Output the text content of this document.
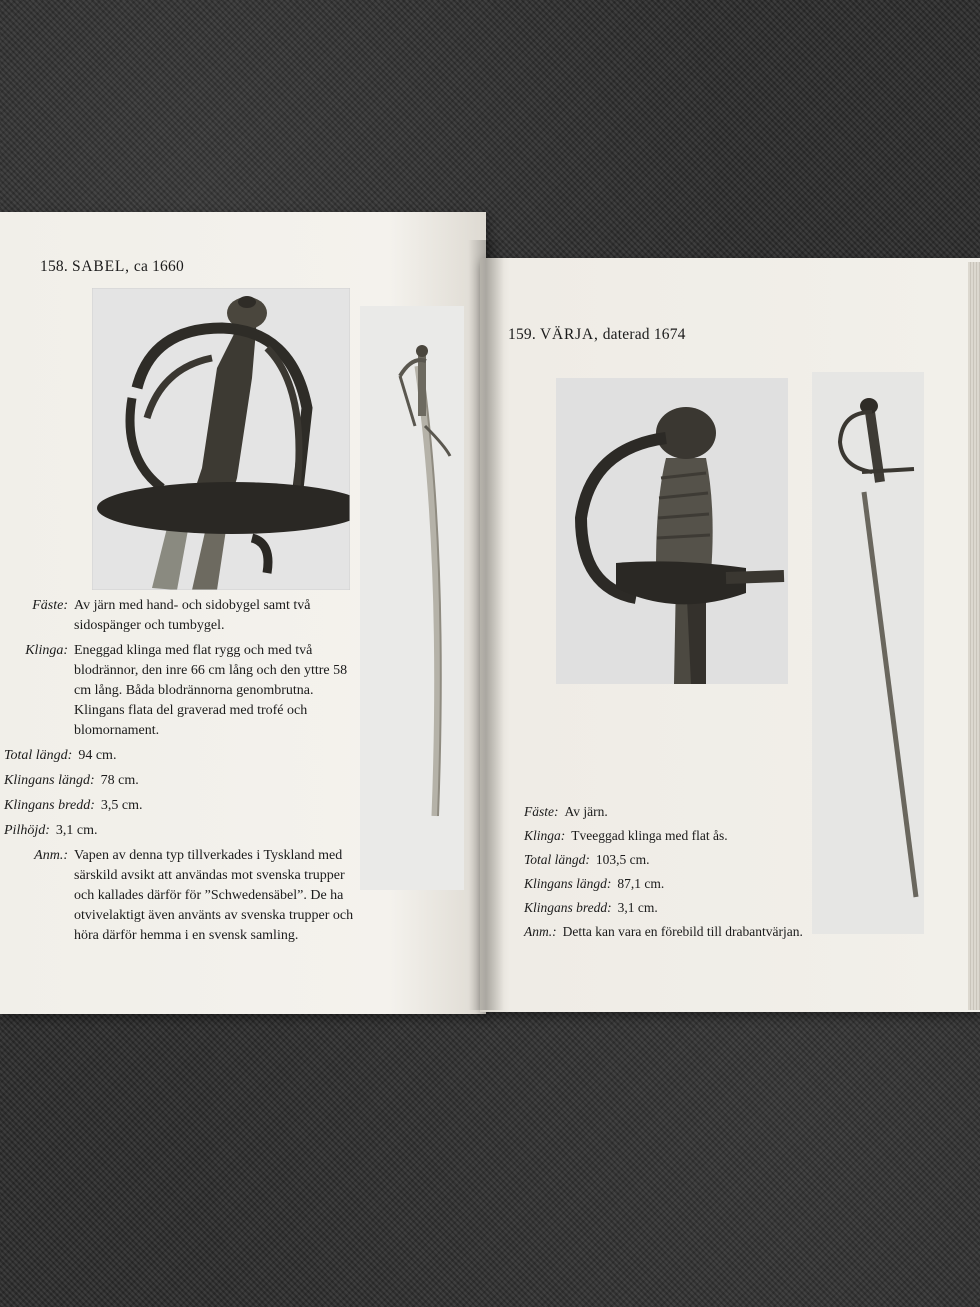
158. SABEL, ca 1660
Fäste: Av järn med hand- och sidobygel samt två sidospänger och tumbygel.
Klinga: Eneggad klinga med flat rygg och med två blodrännor, den inre 66 cm lång och den yttre 58 cm lång. Båda blodrännorna genombrutna. Klingans flata del graverad med trofé och blomornament.
Total längd: 94 cm.
Klingans längd: 78 cm.
Klingans bredd: 3,5 cm.
Pilhöjd: 3,1 cm.
Anm.: Vapen av denna typ tillverkades i Tyskland med särskild avsikt att användas mot svenska trupper och kallades därför för ”Schwedensäbel”. De ha otvivelaktigt även använts av svenska trupper och höra därför hemma i en svensk samling.
159. VÄRJA, daterad 1674
Fäste: Av järn.
Klinga: Tveeggad klinga med flat ås.
Total längd: 103,5 cm.
Klingans längd: 87,1 cm.
Klingans bredd: 3,1 cm.
Anm.: Detta kan vara en förebild till drabantvärjan.
